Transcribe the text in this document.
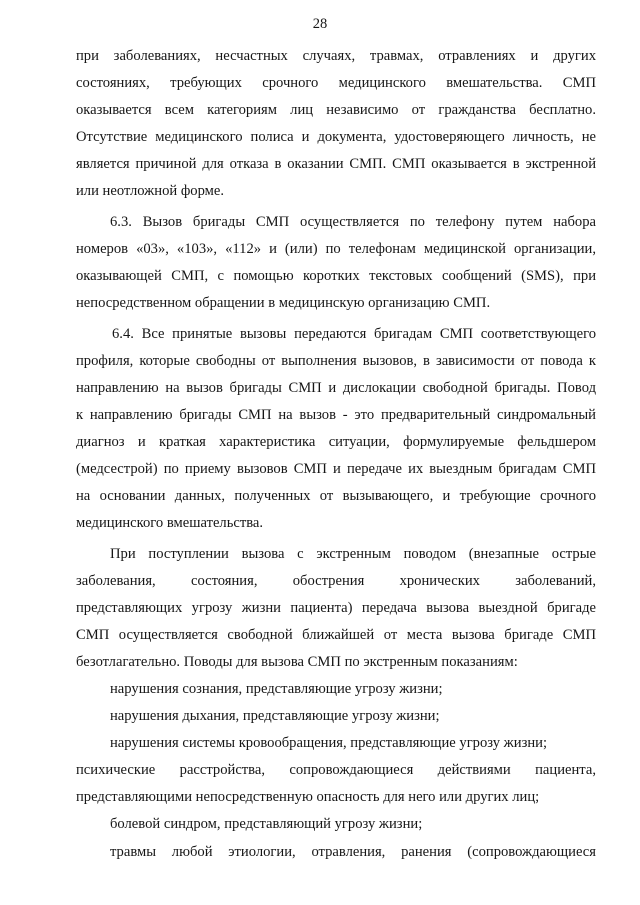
28
при заболеваниях, несчастных случаях, травмах, отравлениях и других
состояниях, требующих срочного медицинского вмешательства. СМП
оказывается всем категориям лиц независимо от гражданства бесплатно.
Отсутствие медицинского полиса и документа, удостоверяющего личность, не
является причиной для отказа в оказании СМП. СМП оказывается в экстренной
или неотложной форме.
6.3. Вызов бригады СМП осуществляется по телефону путем набора
номеров «03», «103», «112» и (или) по телефонам медицинской организации,
оказывающей СМП, с помощью коротких текстовых сообщений (SMS), при
непосредственном обращении в медицинскую организацию СМП.
6.4. Все принятые вызовы передаются бригадам СМП соответствующего
профиля, которые свободны от выполнения вызовов, в зависимости от повода к
направлению на вызов бригады СМП и дислокации свободной бригады. Повод
к направлению бригады СМП на вызов - это предварительный синдромальный
диагноз и краткая характеристика ситуации, формулируемые фельдшером
(медсестрой) по приему вызовов СМП и передаче их выездным бригадам СМП
на основании данных, полученных от вызывающего, и требующие срочного
медицинского вмешательства.
При поступлении вызова с экстренным поводом (внезапные острые
заболевания, состояния, обострения хронических заболеваний,
представляющих угрозу жизни пациента) передача вызова выездной бригаде
СМП осуществляется свободной ближайшей от места вызова бригаде СМП
безотлагательно. Поводы для вызова СМП по экстренным показаниям:
нарушения сознания, представляющие угрозу жизни;
нарушения дыхания, представляющие угрозу жизни;
нарушения системы кровообращения, представляющие угрозу жизни;
психические расстройства, сопровождающиеся действиями пациента,
представляющими непосредственную опасность для него или других лиц;
болевой синдром, представляющий угрозу жизни;
травмы любой этиологии, отравления, ранения (сопровождающиеся
